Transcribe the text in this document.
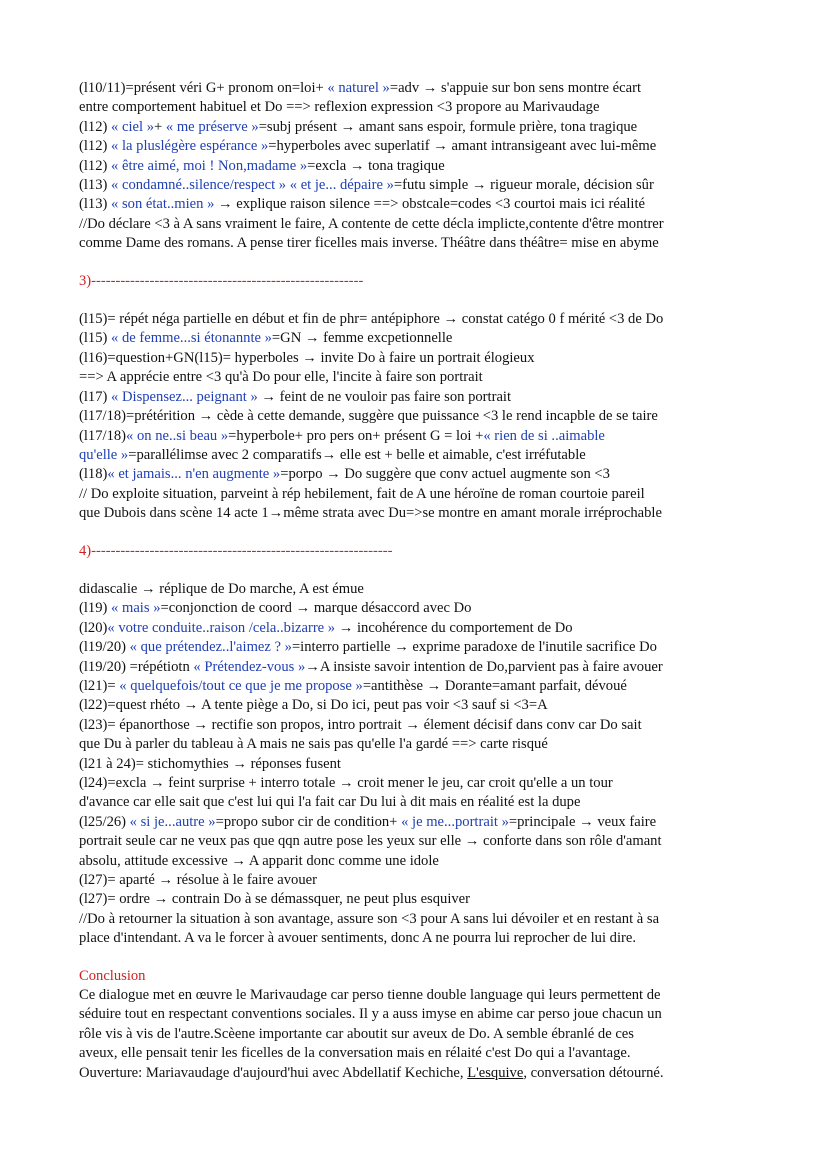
(l10/11)=présent véri G+ pronom on=loi+ « naturel »=adv → s'appuie sur bon sens montre écart
entre comportement habituel et Do ==> reflexion expression <3 propore au Marivaudage
(l12) « ciel »+ « me préserve »=subj présent → amant sans espoir, formule prière, tona tragique
(l12) « la pluslégère espérance »=hyperboles avec superlatif → amant intransigeant avec lui-même
(l12) « être aimé, moi ! Non,madame »=excla → tona tragique
(l13) « condamné..silence/respect » « et je... dépaire »=futu simple → rigueur morale, décision sûr
(l13) « son état..mien » → explique raison silence ==> obstcale=codes <3 courtoi mais ici réalité
//Do déclare <3 à A sans vraiment le faire, A contente de cette décla implicte,contente d'être montrer
comme Dame des romans. A pense tirer ficelles mais inverse. Théâtre dans théâtre= mise en abyme
3)--------------------------------------------------------
(l15)= répét néga partielle en début et fin de phr= antépiphore → constat catégo 0 f mérité <3 de Do
(l15) « de femme...si étonannte »=GN → femme excpetionnelle
(l16)=question+GN(l15)= hyperboles → invite Do à faire un portrait élogieux
==> A apprécie entre <3 qu'à Do pour elle, l'incite à faire son portrait
(l17) « Dispensez... peignant » → feint de ne vouloir pas faire son portrait
(l17/18)=prétérition → cède à cette demande, suggère que puissance <3 le rend incapble de se taire
(l17/18)« on ne..si beau »=hyperbole+ pro pers on+ présent G = loi +« rien de si ..aimable
qu'elle »=parallélimse avec 2 comparatifs→ elle est + belle et aimable, c'est irréfutable
(l18)« et jamais... n'en augmente »=porpo → Do suggère que conv actuel augmente son <3
// Do exploite situation, parveint à rép hebilement, fait de A une héroïne de roman courtoie pareil
que Dubois dans scène 14 acte 1→même strata avec Du=>se montre en amant morale irréprochable
4)--------------------------------------------------------------
didascalie → réplique de Do marche, A est émue
(l19) « mais »=conjonction de coord → marque désaccord avec Do
(l20)« votre conduite..raison /cela..bizarre » → incohérence du comportement de Do
(l19/20) « que prétendez..l'aimez ? »=interro partielle → exprime paradoxe de l'inutile sacrifice Do
(l19/20) =répétiotn « Prétendez-vous »→A insiste savoir intention de Do,parvient pas à faire avouer
(l21)= « quelquefois/tout ce que je me propose »=antithèse → Dorante=amant parfait, dévoué
(l22)=quest rhéto → A tente piège a Do, si Do ici, peut pas voir <3 sauf si <3=A
(l23)= épanorthose → rectifie son propos, intro portrait → élement décisif dans conv car Do sait
que Du à parler du tableau à A mais ne sais pas qu'elle l'a gardé ==> carte risqué
(l21 à 24)= stichomythies → réponses fusent
(l24)=excla → feint surprise + interro totale → croit mener le jeu, car croit qu'elle a un tour
d'avance car elle sait que c'est lui qui l'a fait car Du lui à dit mais en réalité est la dupe
(l25/26) « si je...autre »=propo subor cir de condition+ « je me...portrait »=principale → veux faire
portrait seule car ne veux pas que qqn autre pose les yeux sur elle → conforte dans son rôle d'amant
absolu, attitude excessive → A apparit donc comme une idole
(l27)= aparté → résolue à le faire avouer
(l27)= ordre → contrain Do à se démassquer, ne peut plus esquiver
//Do à retourner la situation à son avantage, assure son <3 pour A sans lui dévoiler et en restant à sa
place d'intendant. A va le forcer à avouer sentiments, donc A ne pourra lui reprocher de lui dire.
Conclusion
Ce dialogue met en œuvre le Marivaudage car perso tienne double language qui leurs permettent de
séduire tout en respectant conventions sociales. Il y a auss imyse en abime car perso joue chacun un
rôle vis à vis de l'autre.Scèene importante car aboutit sur aveux de Do. A semble ébranlé de ces
aveux, elle pensait tenir les ficelles de la conversation mais en rélaité c'est Do qui a l'avantage.
Ouverture: Mariavaudage d'aujourd'hui avec Abdellatif Kechiche, L'esquive, conversation détourné.
